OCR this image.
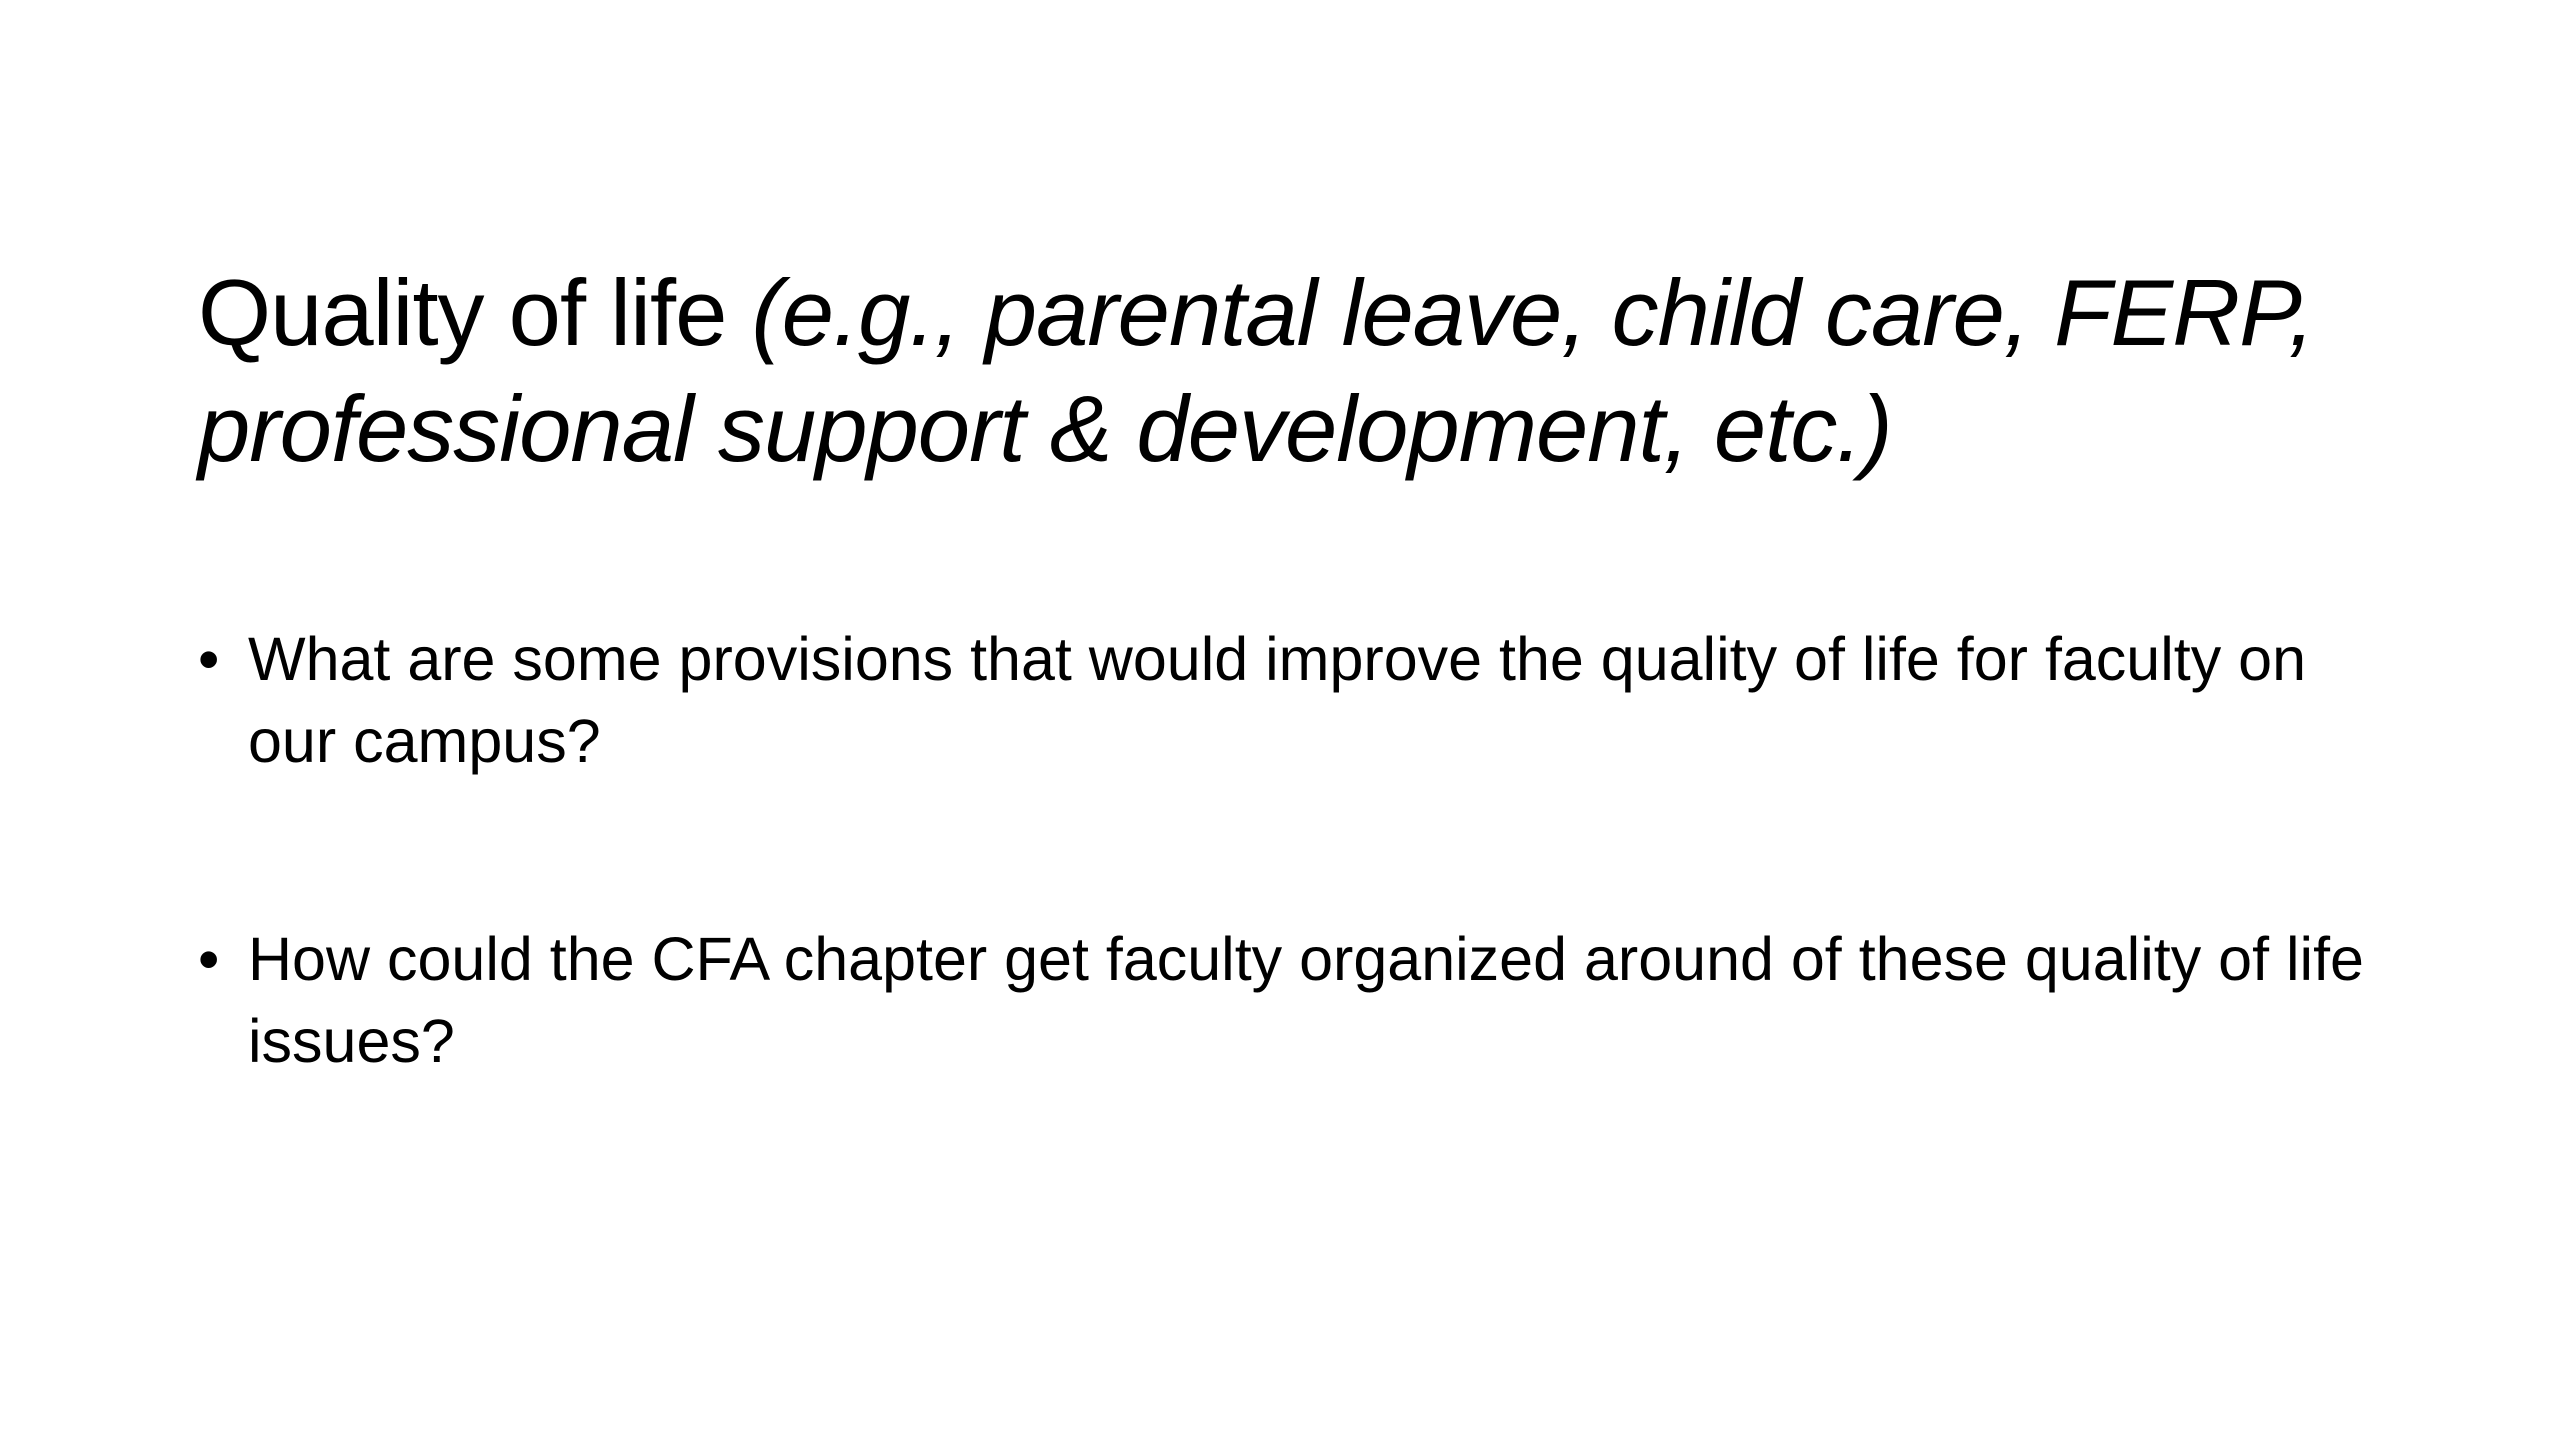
Quality of life (e.g., parental leave, child care, FERP, professional support & development, etc.)
• What are some provisions that would improve the quality of life for faculty on our campus?
• How could the CFA chapter get faculty organized around of these quality of life issues?
